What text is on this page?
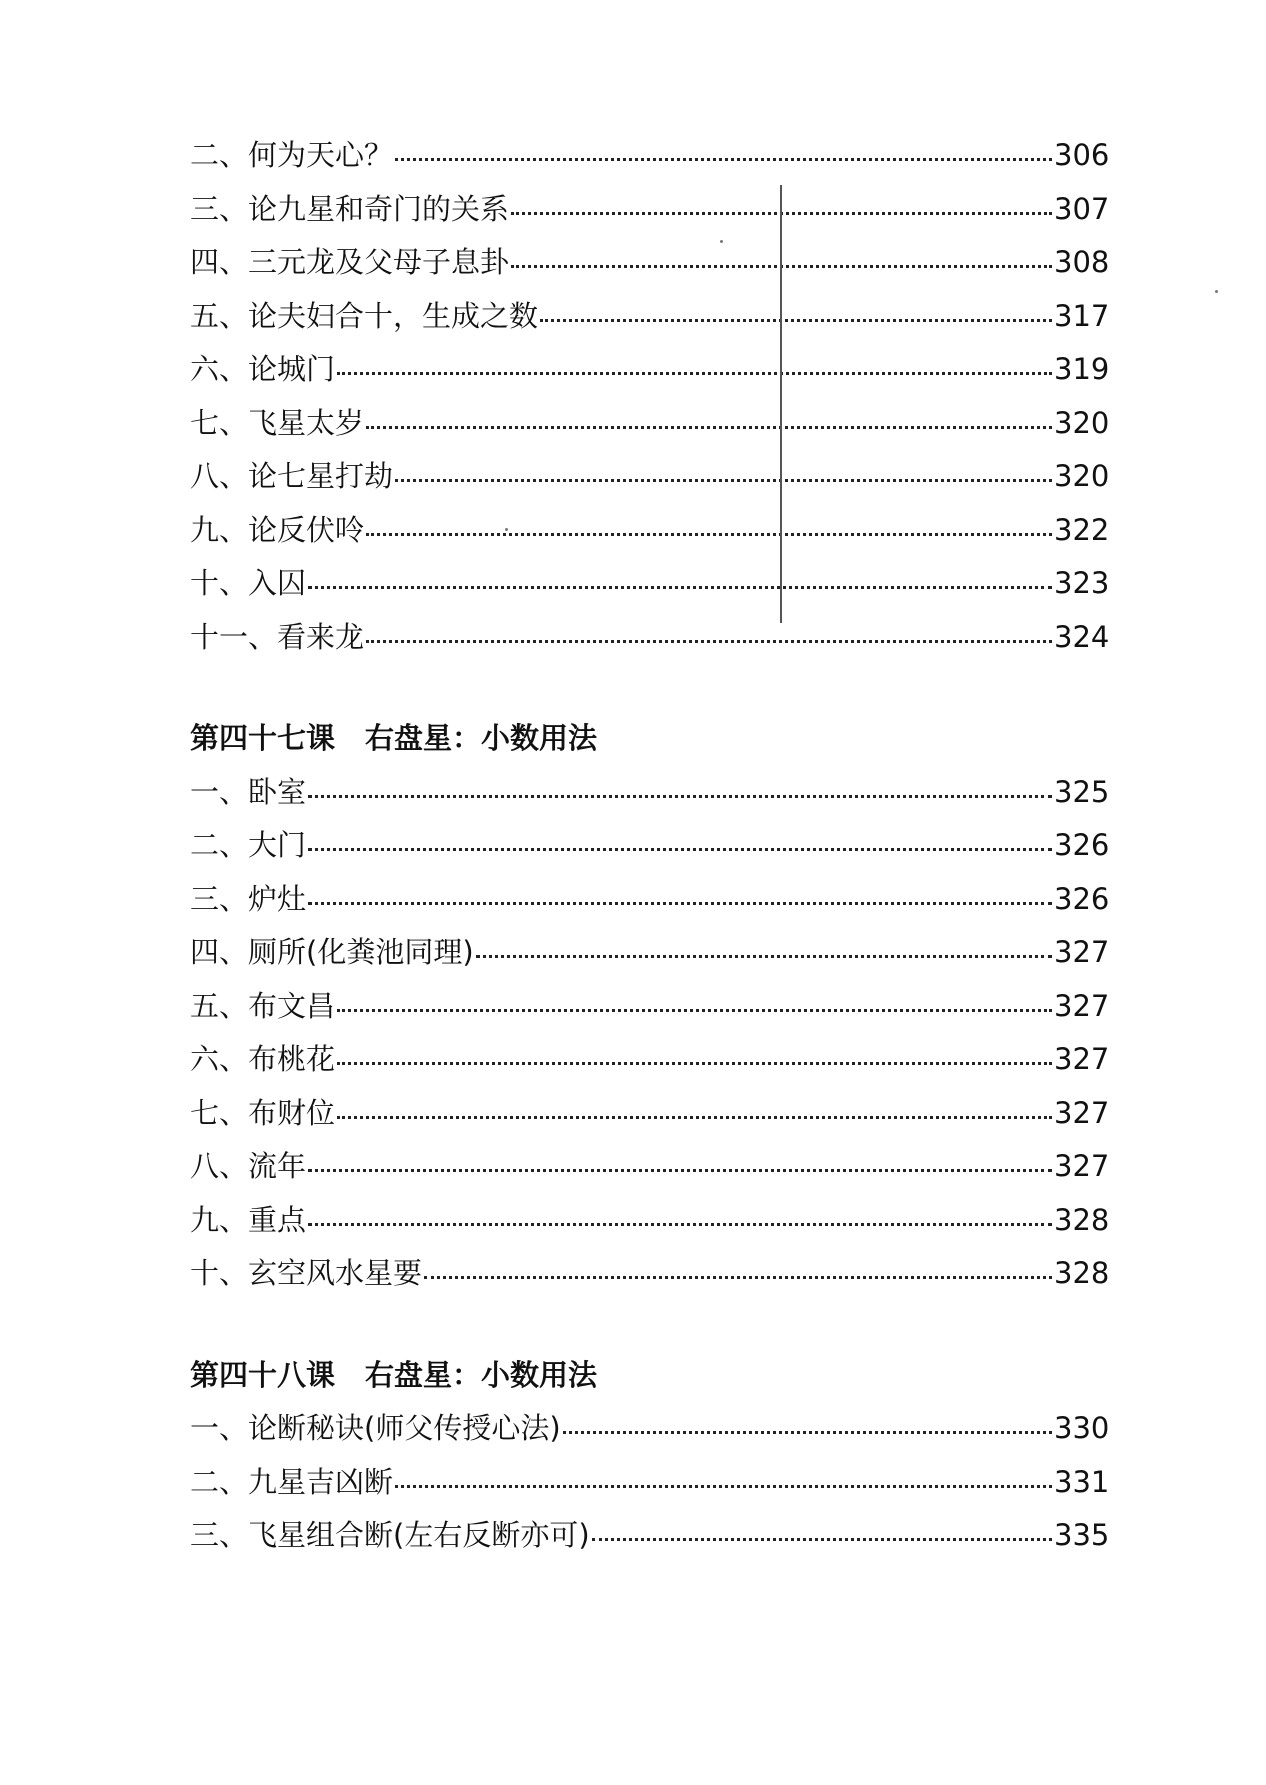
二、何为天心？	306
三、论九星和奇门的关系	307
四、三元龙及父母子息卦	308
五、论夫妇合十，生成之数	317
六、论城门	319
七、飞星太岁	320
八、论七星打劫	320
九、论反伏呤	322
十、入囚	323
十一、看来龙	324
第四十七课 右盘星：小数用法
一、卧室	325
二、大门	326
三、炉灶	326
四、厕所(化粪池同理)	327
五、布文昌	327
六、布桃花	327
七、布财位	327
八、流年	327
九、重点	328
十、玄空风水星要	328
第四十八课 右盘星：小数用法
一、论断秘诀(师父传授心法)	330
二、九星吉凶断	331
三、飞星组合断(左右反断亦可)	335
